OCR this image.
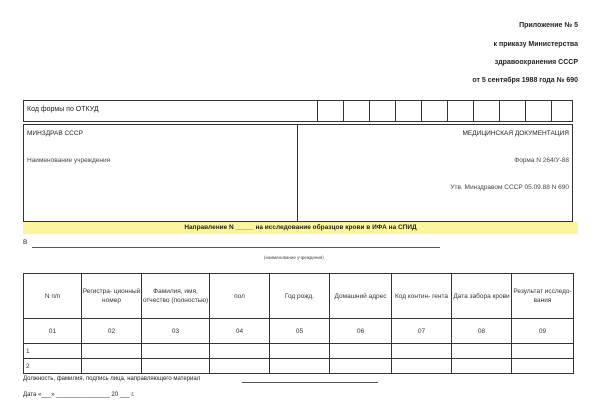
Приложение № 5
к приказу Министерства
здравоохранения СССР
от 5 сентября 1988 года № 690
Код формы по ОТКУД
МИНЗДРАВ СССР
Наименование учреждения
МЕДИЦИНСКАЯ ДОКУМЕНТАЦИЯ
Форма N 264/У-88
Утв. Минздравом СССР 05.09.88 N 690
Направление N _____ на исследование образцов крови в ИФА на СПИД
В
(наименование учреждения)
N п/п	Регистра- ционный номер	Фамилия, имя, отчество (полностью)	пол	Год рожд.	Домашний адрес	Код контин- гента	Дата забора крови	Результат исследо- вания
01	02	03	04	05	06	07	08	09
1								
2								
Должность, фамилия, подпись лица, направляющего материал
Дата «___» ________________ 20 ___ г.
